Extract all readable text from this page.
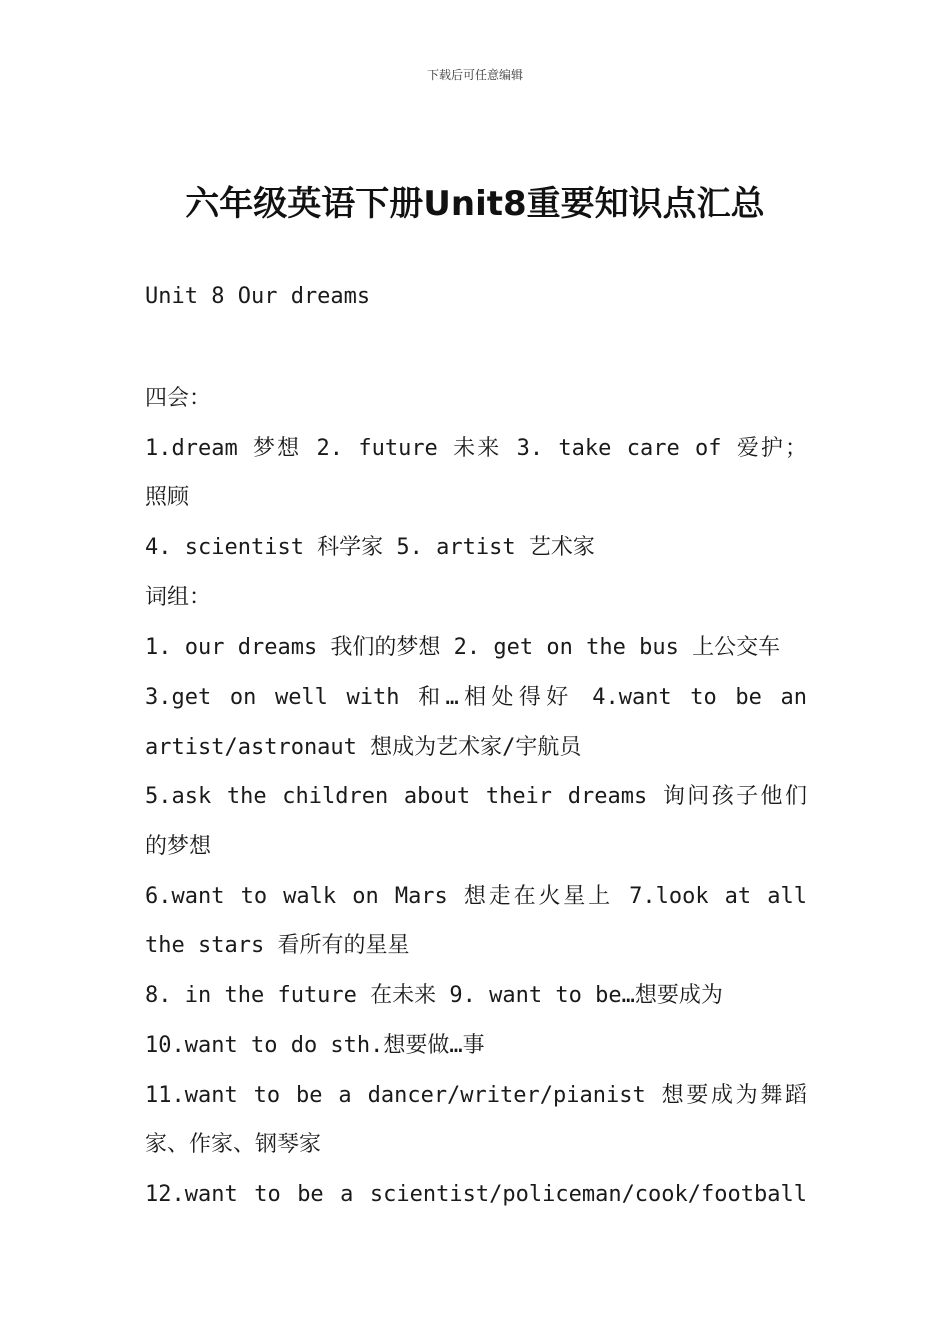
下载后可任意编辑
六年级英语下册Unit8重要知识点汇总
Unit 8 Our dreams
四会：
1.dream 梦想 2. future 未来 3. take care of 爱护；
照顾
4. scientist 科学家 5. artist 艺术家
词组：
1. our dreams 我们的梦想 2. get on the bus 上公交车
3.get on well with 和…相处得好 4.want to be an
artist/astronaut 想成为艺术家/宇航员
5.ask the children about their dreams 询问孩子他们
的梦想
6.want to walk on Mars 想走在火星上 7.look at all
the stars 看所有的星星
8. in the future 在未来 9. want to be…想要成为
10.want to do sth.想要做…事
11.want to be a dancer/writer/pianist 想要成为舞蹈
家、作家、钢琴家
12.want to be a scientist/policeman/cook/football
